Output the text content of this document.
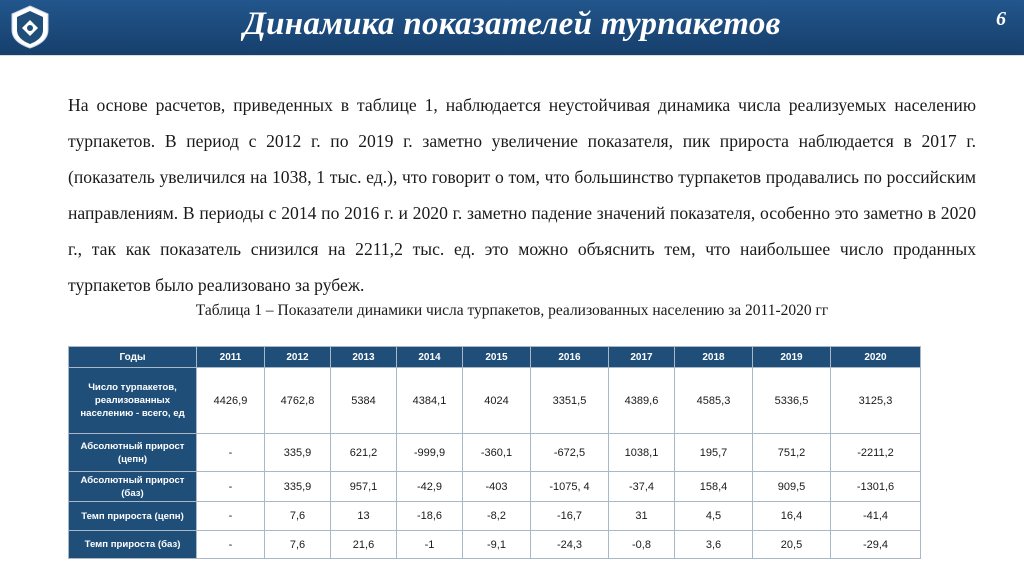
Динамика показателей турпакетов	6

На основе расчетов, приведенных в таблице 1, наблюдается неустойчивая динамика числа реализуемых населению турпакетов. В период с 2012 г. по 2019 г. заметно увеличение показателя, пик прироста наблюдается в 2017 г. (показатель увеличился на 1038, 1 тыс. ед.), что говорит о том, что большинство турпакетов продавались по российским направлениям. В периоды с 2014 по 2016 г. и 2020 г. заметно падение значений показателя, особенно это заметно в 2020 г., так как показатель снизился на 2211,2 тыс. ед. это можно объяснить тем, что наибольшее число проданных турпакетов было реализовано за рубеж.

Таблица 1 – Показатели динамики числа турпакетов, реализованных населению за 2011-2020 гг
Годы	2011	2012	2013	2014	2015	2016	2017	2018	2019	2020
Число турпакетов, реализованных населению - всего, ед	4426,9	4762,8	5384	4384,1	4024	3351,5	4389,6	4585,3	5336,5	3125,3
Абсолютный прирост (цепн)	-	335,9	621,2	-999,9	-360,1	-672,5	1038,1	195,7	751,2	-2211,2
Абсолютный прирост (баз)	-	335,9	957,1	-42,9	-403	-1075, 4	-37,4	158,4	909,5	-1301,6
Темп прироста (цепн)	-	7,6	13	-18,6	-8,2	-16,7	31	4,5	16,4	-41,4
Темп прироста (баз)	-	7,6	21,6	-1	-9,1	-24,3	-0,8	3,6	20,5	-29,4
